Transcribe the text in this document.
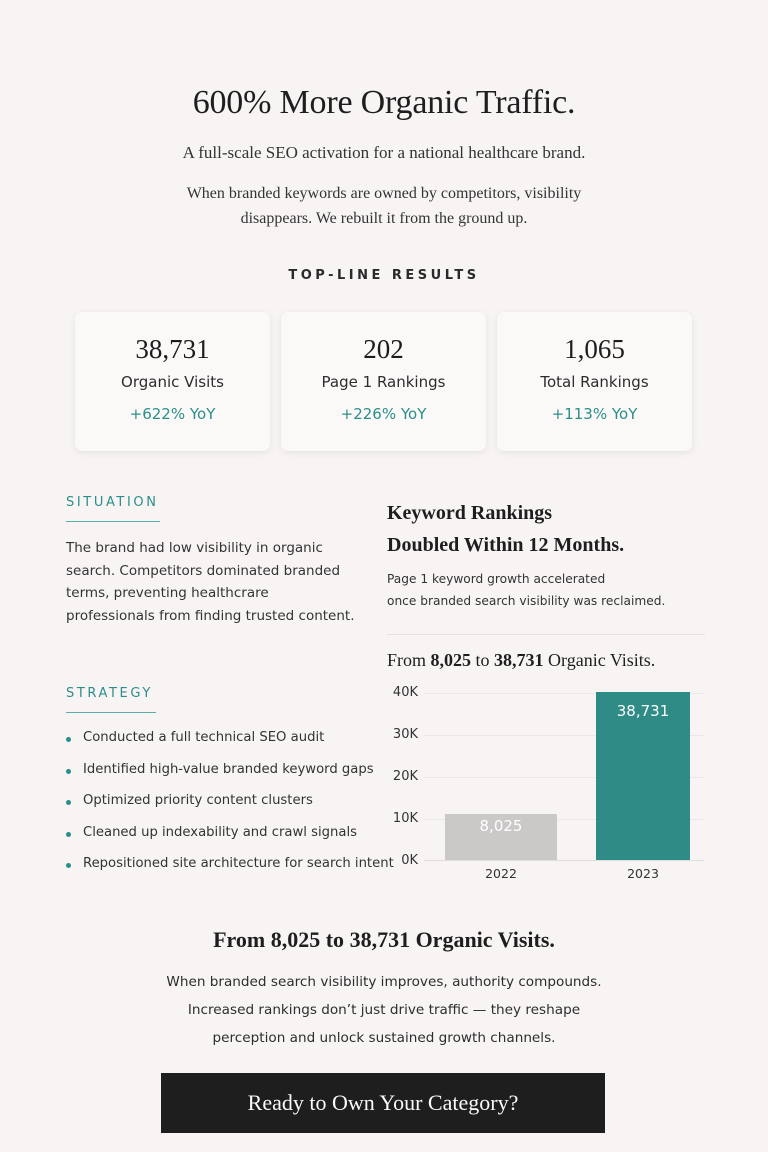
600% More Organic Traffic.

A full-scale SEO activation for a national healthcare brand.

When branded keywords are owned by competitors, visibility
disappears. We rebuilt it from the ground up.
TOP-LINE RESULTS
38,731
Organic Visits
+622% YoY
202
Page 1 Rankings
+226% YoY
1,065
Total Rankings
+113% YoY
SITUATION

The brand had low visibility in organic search. Competitors dominated branded terms, preventing healthcrare professionals from finding trusted content.

STRATEGY
Conducted a full technical SEO audit
Identified high-value branded keyword gaps
Optimized priority content clusters
Cleaned up indexability and crawl signals
Repositioned site architecture for search intent
Keyword Rankings
Doubled Within 12 Months.
Page 1 keyword growth accelerated
once branded search visibility was reclaimed.
From 8,025 to 38,731 Organic Visits.
40K
30K
20K
10K
0K
8,025
38,731
2022	2023
From 8,025 to 38,731 Organic Visits.
When branded search visibility improves, authority compounds.
Increased rankings don’t just drive traffic — they reshape
perception and unlock sustained growth channels.
Ready to Own Your Category?
